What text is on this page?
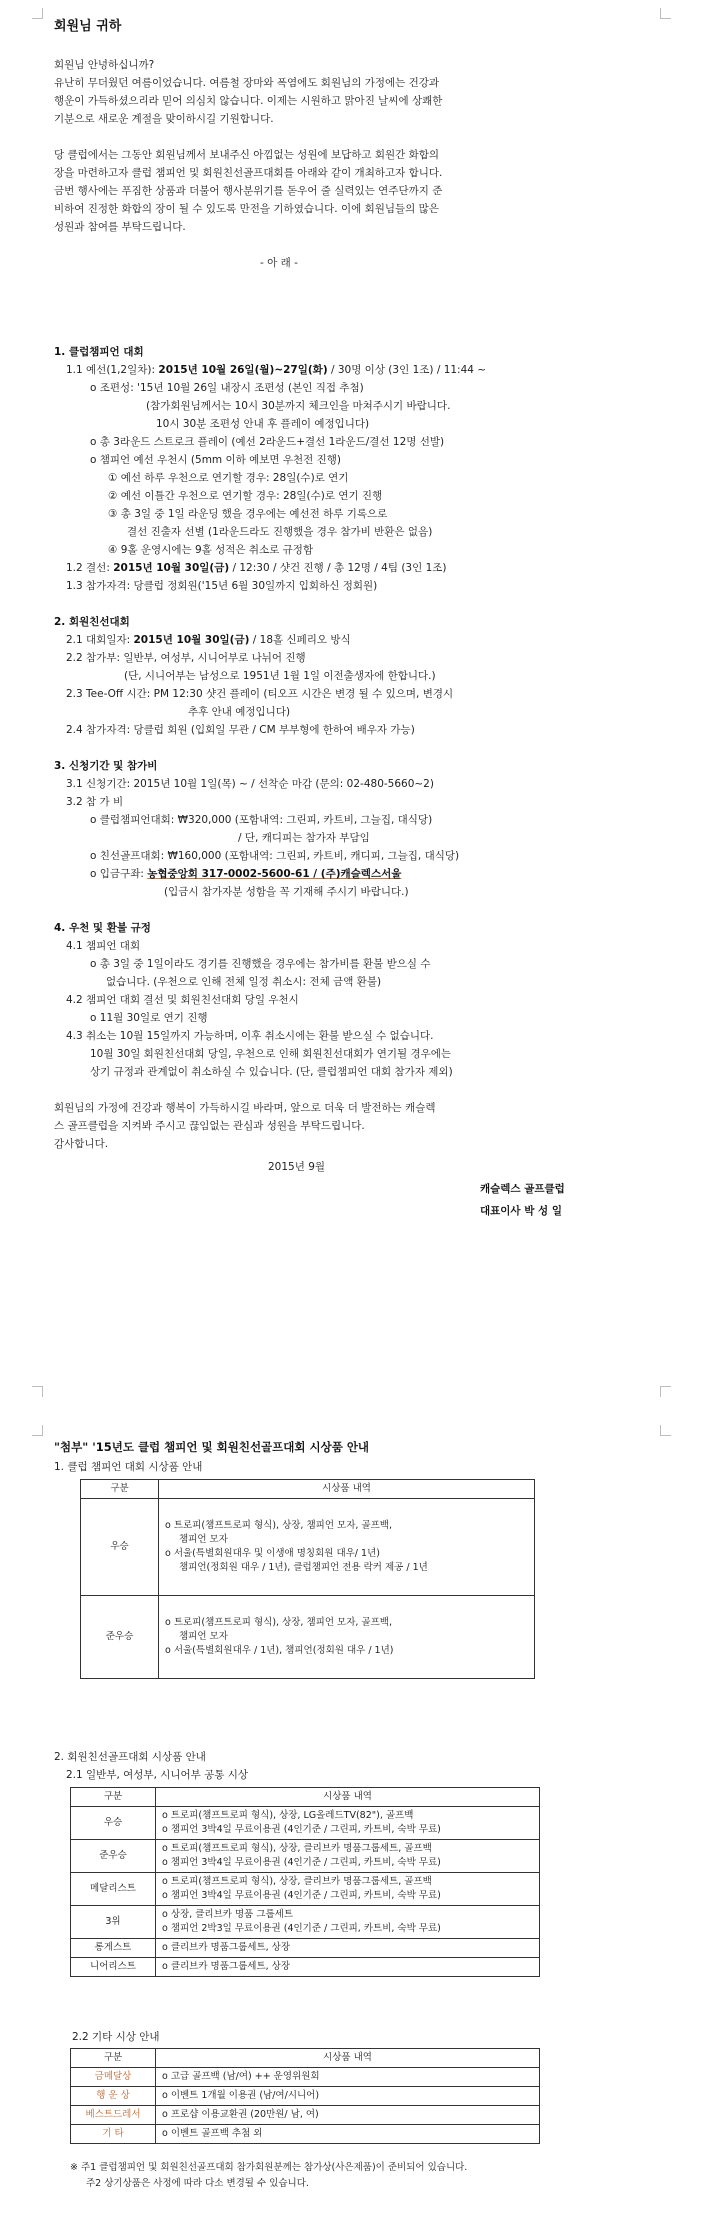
회원님 귀하
회원님 안녕하십니까?
유난히 무더웠던 여름이었습니다. 여름철 장마와 폭염에도 회원님의 가정에는 건강과
행운이 가득하셨으리라 믿어 의심치 않습니다. 이제는 시원하고 맑아진 날씨에 상쾌한
기분으로 새로운 계절을 맞이하시길 기원합니다.
당 클럽에서는 그동안 회원님께서 보내주신 아낌없는 성원에 보답하고 회원간 화합의
장을 마련하고자 클럽 챔피언 및 회원친선골프대회를 아래와 같이 개최하고자 합니다.
금번 행사에는 푸짐한 상품과 더불어 행사분위기를 돋우어 줄 실력있는 연주단까지 준
비하여 진정한 화합의 장이 될 수 있도록 만전을 기하였습니다. 이에 회원님들의 많은
성원과 참여를 부탁드립니다.
- 아 래 -
1. 클럽챔피언 대회
1.1 예선(1,2일차): 2015년 10월 26일(월)~27일(화) / 30명 이상 (3인 1조) / 11:44 ~
o 조편성: '15년 10월 26일 내장시 조편성 (본인 직접 추첨)
(참가회원님께서는 10시 30분까지 체크인을 마쳐주시기 바랍니다.
10시 30분 조편성 안내 후 플레이 예정입니다)
o 총 3라운드 스트로크 플레이 (예선 2라운드+결선 1라운드/결선 12명 선발)
o 챔피언 예선 우천시 (5mm 이하 예보면 우천전 진행)
① 예선 하루 우천으로 연기할 경우: 28일(수)로 연기
② 예선 이틀간 우천으로 연기할 경우: 28일(수)로 연기 진행
③ 총 3일 중 1일 라운딩 했을 경우에는 예선전 하루 기록으로
결선 진출자 선별 (1라운드라도 진행했을 경우 참가비 반환은 없음)
④ 9홀 운영시에는 9홀 성적은 취소로 규정함
1.2 결선: 2015년 10월 30일(금) / 12:30 / 샷건 진행 / 총 12명 / 4팀 (3인 1조)
1.3 참가자격: 당클럽 정회원('15년 6월 30일까지 입회하신 정회원)
2. 회원친선대회
2.1 대회일자: 2015년 10월 30일(금) / 18홀 신페리오 방식
2.2 참가부: 일반부, 여성부, 시니어부로 나뉘어 진행
(단, 시니어부는 남성으로 1951년 1월 1일 이전출생자에 한합니다.)
2.3 Tee-Off 시간: PM 12:30 샷건 플레이 (티오프 시간은 변경 될 수 있으며, 변경시
추후 안내 예정입니다)
2.4 참가자격: 당클럽 회원 (입회일 무관 / CM 부부형에 한하여 배우자 가능)
3. 신청기간 및 참가비
3.1 신청기간: 2015년 10월 1일(목) ~ / 선착순 마감 (문의: 02-480-5660~2)
3.2 참 가 비
o 클럽챔피언대회: ₩320,000 (포함내역: 그린피, 카트비, 그늘집, 대식당)
/ 단, 캐디피는 참가자 부담임
o 친선골프대회: ₩160,000 (포함내역: 그린피, 카트비, 캐디피, 그늘집, 대식당)
o 입금구좌: 농협중앙회 317-0002-5600-61 / (주)캐슬렉스서울
(입금시 참가자분 성함을 꼭 기재해 주시기 바랍니다.)
4. 우천 및 환불 규정
4.1 챔피언 대회
o 총 3일 중 1일이라도 경기를 진행했을 경우에는 참가비를 환불 받으실 수
없습니다. (우천으로 인해 전체 일정 취소시: 전체 금액 환불)
4.2 챔피언 대회 결선 및 회원친선대회 당일 우천시
o 11월 30일로 연기 진행
4.3 취소는 10월 15일까지 가능하며, 이후 취소시에는 환불 받으실 수 없습니다.
10월 30일 회원친선대회 당일, 우천으로 인해 회원친선대회가 연기될 경우에는
상기 규정과 관계없이 취소하실 수 있습니다. (단, 클럽챔피언 대회 참가자 제외)
회원님의 가정에 건강과 행복이 가득하시길 바라며, 앞으로 더욱 더 발전하는 캐슬렉
스 골프클럽을 지켜봐 주시고 끊임없는 관심과 성원을 부탁드립니다.
감사합니다.
2015년 9월
캐슬렉스 골프클럽
대표이사 박 성 일
"첨부" '15년도 클럽 챔피언 및 회원친선골프대회 시상품 안내
1. 클럽 챔피언 대회 시상품 안내
구분	시상품 내역
우승	o 트로피(챔프트로피 형식), 상장, 챔피언 모자, 골프백,
챔피언 모자
o 서울(특별회원대우 및 이생애 명칭회원 대우/ 1년)
챔피언(정회원 대우 / 1년), 클럽챔피언 전용 락커 제공 / 1년

준우승	o 트로피(챔프트로피 형식), 상장, 챔피언 모자, 골프백,
챔피언 모자
o 서울(특별회원대우 / 1년), 챔피언(정회원 대우 / 1년)
2. 회원친선골프대회 시상품 안내
2.1 일반부, 여성부, 시니어부 공통 시상
구분	시상품 내역
우승	o 트로피(챔프트로피 형식), 상장, LG올레드TV(82"), 골프백
o 챔피언 3박4일 무료이용권 (4인기준 / 그린피, 카트비, 숙박 무료)

준우승	o 트로피(챔프트로피 형식), 상장, 클리브카 명품그룹세트, 골프백
o 챔피언 3박4일 무료이용권 (4인기준 / 그린피, 카트비, 숙박 무료)

메달리스트	o 트로피(챔프트로피 형식), 상장, 클리브카 명품그룹세트, 골프백
o 챔피언 3박4일 무료이용권 (4인기준 / 그린피, 카트비, 숙박 무료)

3위	o 상장, 클리브카 명품 그룹세트
o 챔피언 2박3일 무료이용권 (4인기준 / 그린피, 카트비, 숙박 무료)

롱게스트	o 클리브카 명품그룹세트, 상장

니어리스트	o 클리브카 명품그룹세트, 상장
2.2 기타 시상 안내
구분	시상품 내역
금메달상	o 고급 골프백 (남/여) ++ 운영위원회

행 운 상	o 이벤트 1개월 이용권 (남/여/시니어)

베스트드레서	o 프로샵 이용교환권 (20만원/ 남, 여)

기 타	o 이벤트 골프백 추첨 외
※ 주1 클럽챔피언 및 회원친선골프대회 참가회원분께는 참가상(사은제품)이 준비되어 있습니다.
주2 상기상품은 사정에 따라 다소 변경될 수 있습니다.
